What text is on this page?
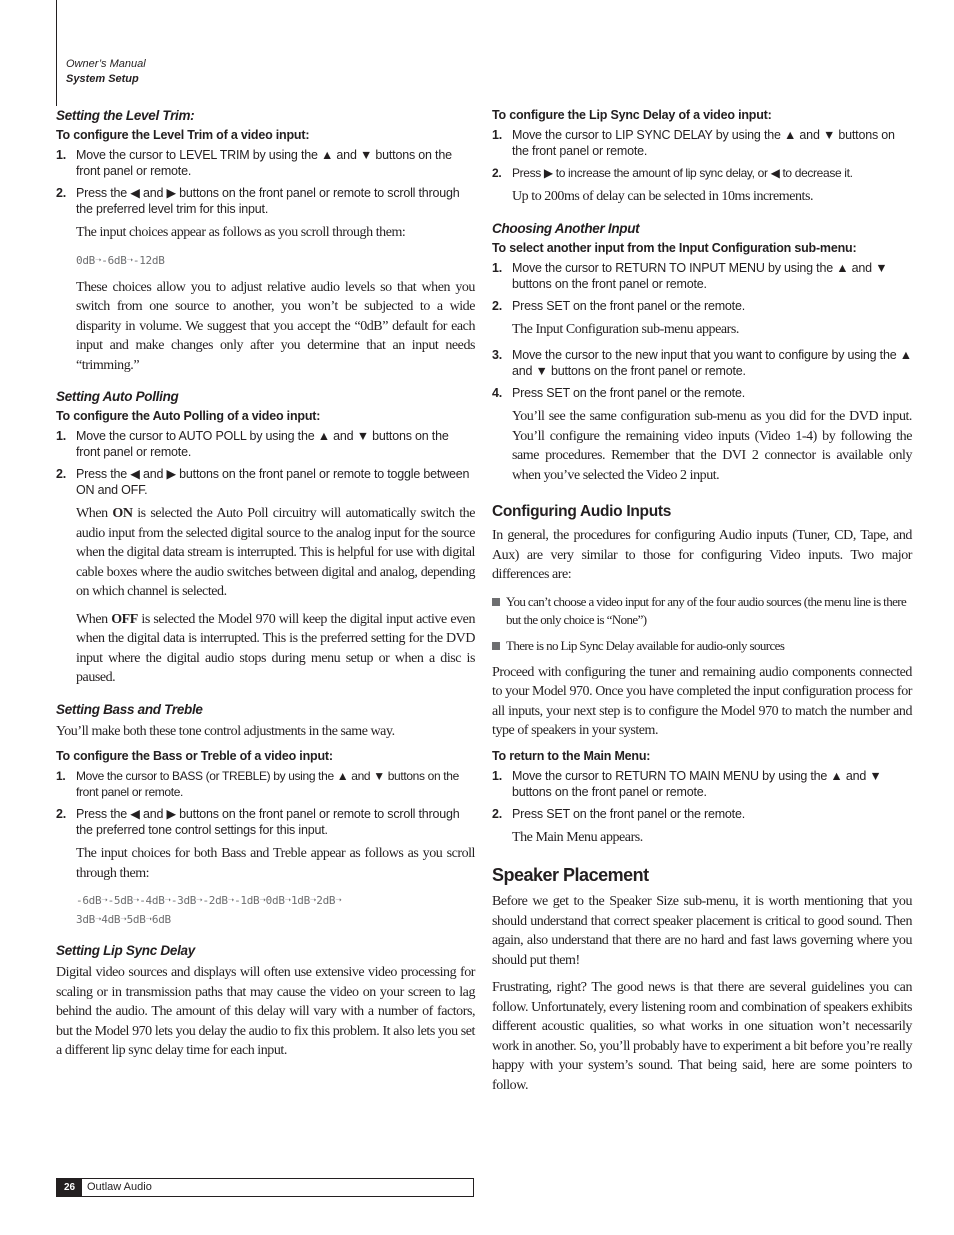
Owner’s Manual
System Setup
Setting the Level Trim:
To configure the Level Trim of a video input:
1. Move the cursor to LEVEL TRIM by using the ▲ and ▼ buttons on the front panel or remote.
2. Press the ◀ and ▶ buttons on the front panel or remote to scroll through the preferred level trim for this input.
The input choices appear as follows as you scroll through them:
0dB➝-6dB➝-12dB
These choices allow you to adjust relative audio levels so that when you switch from one source to another, you won’t be subjected to a wide disparity in volume. We suggest that you accept the “0dB” default for each input and make changes only after you determine that an input needs “trimming.”
Setting Auto Polling
To configure the Auto Polling of a video input:
1. Move the cursor to AUTO POLL by using the ▲ and ▼ buttons on the front panel or remote.
2. Press the ◀ and ▶ buttons on the front panel or remote to toggle between ON and OFF.
When ON is selected the Auto Poll circuitry will automatically switch the audio input from the selected digital source to the analog input for the source when the digital data stream is interrupted. This is helpful for use with digital cable boxes where the audio switches between digital and analog, depending on which channel is selected.
When OFF is selected the Model 970 will keep the digital input active even when the digital data is interrupted. This is the preferred setting for the DVD input where the digital audio stops during menu setup or when a disc is paused.
Setting Bass and Treble
You’ll make both these tone control adjustments in the same way.
To configure the Bass or Treble of a video input:
1. Move the cursor to BASS (or TREBLE) by using the ▲ and ▼ buttons on the front panel or remote.
2. Press the ◀ and ▶ buttons on the front panel or remote to scroll through the preferred tone control settings for this input.
The input choices for both Bass and Treble appear as follows as you scroll through them:
-6dB➝-5dB➝-4dB➝-3dB➝-2dB➝-1dB➝0dB➝1dB➝2dB➝
3dB➝4dB➝5dB➝6dB
Setting Lip Sync Delay
Digital video sources and displays will often use extensive video processing for scaling or in transmission paths that may cause the video on your screen to lag behind the audio. The amount of this delay will vary with a number of factors, but the Model 970 lets you delay the audio to fix this problem. It also lets you set a different lip sync delay time for each input.
To configure the Lip Sync Delay of a video input:
1. Move the cursor to LIP SYNC DELAY by using the ▲ and ▼ buttons on the front panel or remote.
2. Press ▶ to increase the amount of lip sync delay, or ◀ to decrease it.
Up to 200ms of delay can be selected in 10ms increments.
Choosing Another Input
To select another input from the Input Configuration sub-menu:
1. Move the cursor to RETURN TO INPUT MENU by using the ▲ and ▼ buttons on the front panel or remote.
2. Press SET on the front panel or the remote.
The Input Configuration sub-menu appears.
3. Move the cursor to the new input that you want to configure by using the ▲ and ▼ buttons on the front panel or remote.
4. Press SET on the front panel or the remote.
You’ll see the same configuration sub-menu as you did for the DVD input. You’ll configure the remaining video inputs (Video 1-4) by following the same procedures. Remember that the DVI 2 connector is available only when you’ve selected the Video 2 input.
Configuring Audio Inputs
In general, the procedures for configuring Audio inputs (Tuner, CD, Tape, and Aux) are very similar to those for configuring Video inputs. Two major differences are:
You can’t choose a video input for any of the four audio sources (the menu line is there but the only choice is “None”)
There is no Lip Sync Delay available for audio-only sources
Proceed with configuring the tuner and remaining audio components connected to your Model 970. Once you have completed the input configuration process for all inputs, your next step is to configure the Model 970 to match the number and type of speakers in your system.
To return to the Main Menu:
1. Move the cursor to RETURN TO MAIN MENU by using the ▲ and ▼ buttons on the front panel or remote.
2. Press SET on the front panel or the remote.
The Main Menu appears.
Speaker Placement
Before we get to the Speaker Size sub-menu, it is worth mentioning that you should understand that correct speaker placement is critical to good sound. Then again, also understand that there are no hard and fast laws governing where you should put them!
Frustrating, right? The good news is that there are several guidelines you can follow. Unfortunately, every listening room and combination of speakers exhibits different acoustic qualities, so what works in one situation won’t necessarily work in another. So, you’ll probably have to experiment a bit before you’re really happy with your system’s sound. That being said, here are some pointers to follow.
26	Outlaw Audio
